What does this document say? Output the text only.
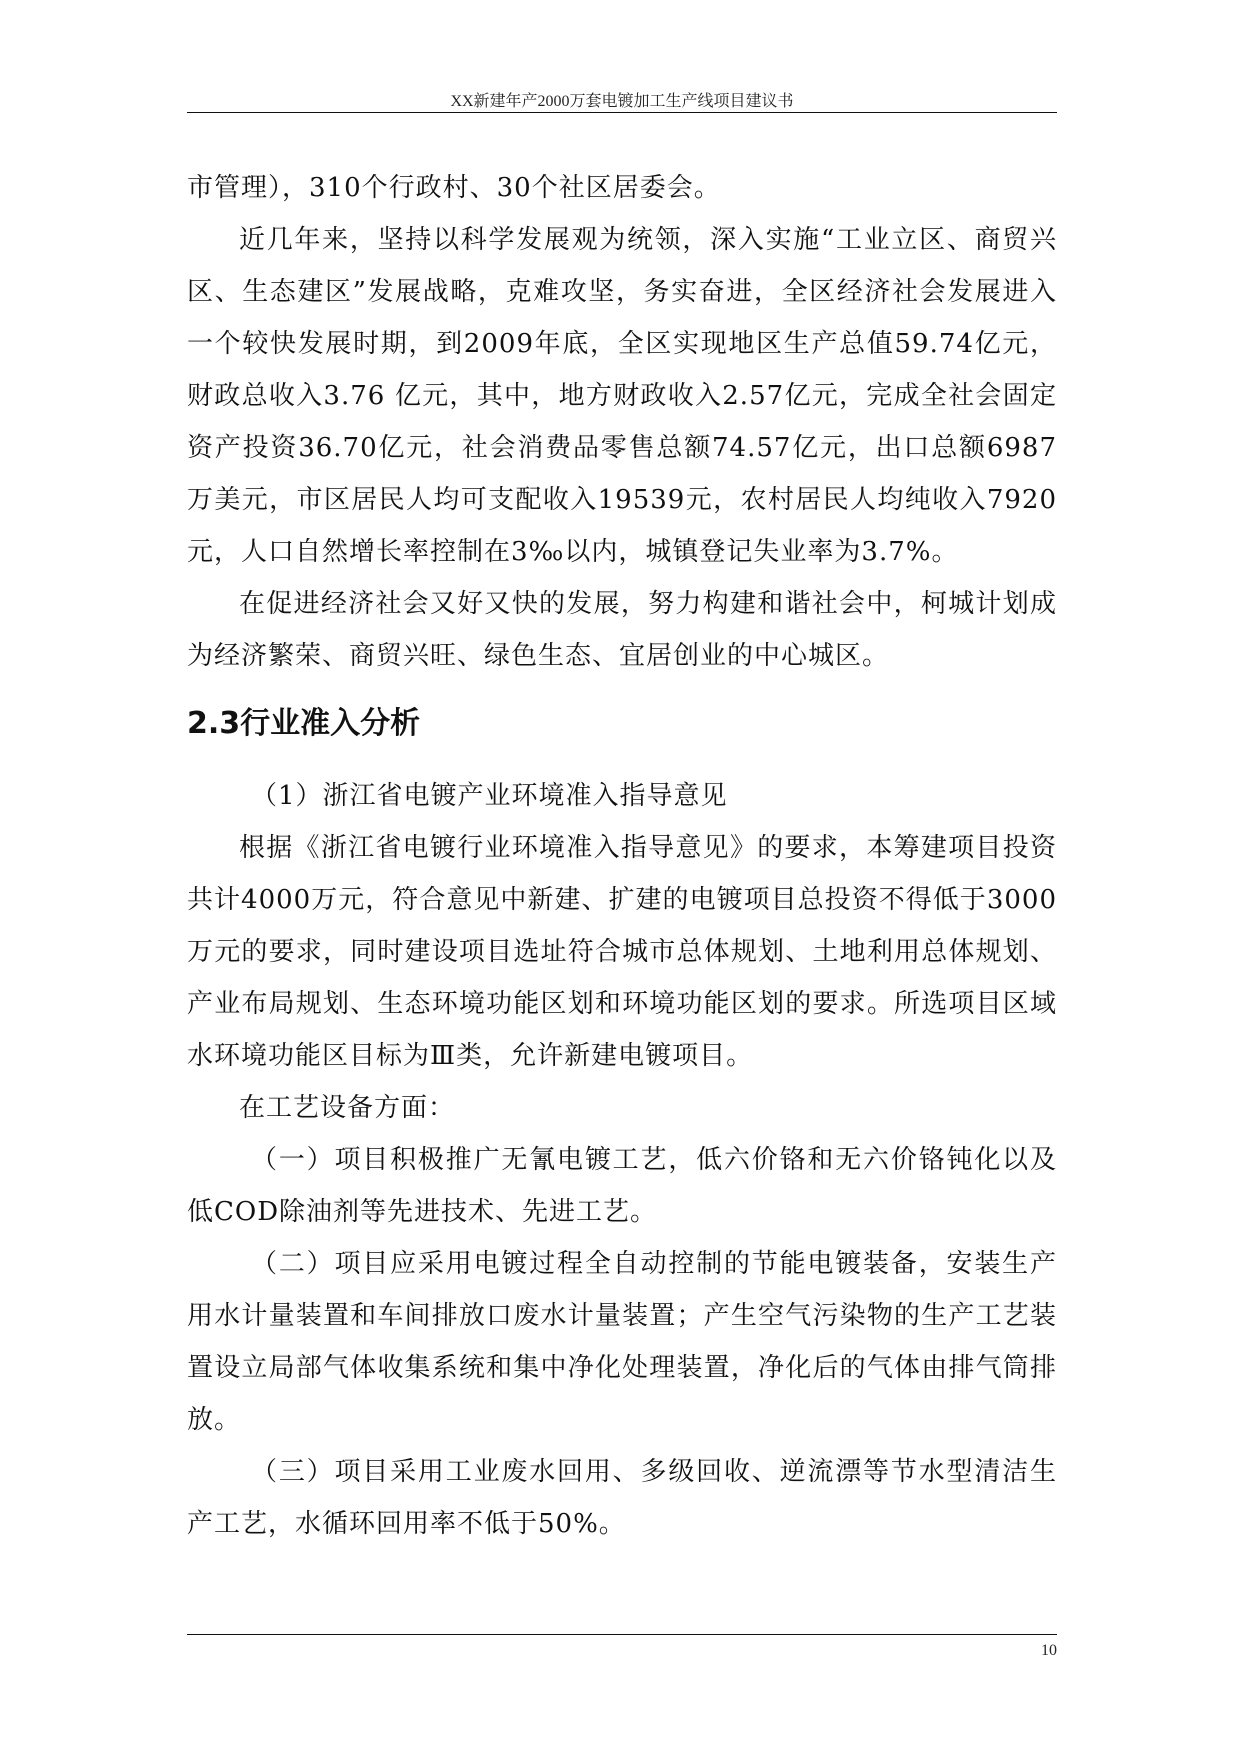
XX新建年产2000万套电镀加工生产线项目建议书

市管理），310个行政村、30个社区居委会。

近几年来，坚持以科学发展观为统领，深入实施“工业立区、商贸兴区、生态建区”发展战略，克难攻坚，务实奋进，全区经济社会发展进入一个较快发展时期，到2009年底，全区实现地区生产总值59.74亿元，财政总收入3.76 亿元，其中，地方财政收入2.57亿元，完成全社会固定资产投资36.70亿元，社会消费品零售总额74.57亿元，出口总额6987万美元，市区居民人均可支配收入19539元，农村居民人均纯收入7920元，人口自然增长率控制在3‰以内，城镇登记失业率为3.7%。

在促进经济社会又好又快的发展，努力构建和谐社会中，柯城计划成为经济繁荣、商贸兴旺、绿色生态、宜居创业的中心城区。

2.3行业准入分析

（1）浙江省电镀产业环境准入指导意见

根据《浙江省电镀行业环境准入指导意见》的要求，本筹建项目投资共计4000万元，符合意见中新建、扩建的电镀项目总投资不得低于3000万元的要求，同时建设项目选址符合城市总体规划、土地利用总体规划、产业布局规划、生态环境功能区划和环境功能区划的要求。所选项目区域水环境功能区目标为Ⅲ类，允许新建电镀项目。

在工艺设备方面：

（一）项目积极推广无氰电镀工艺，低六价铬和无六价铬钝化以及低COD除油剂等先进技术、先进工艺。

（二）项目应采用电镀过程全自动控制的节能电镀装备，安装生产用水计量装置和车间排放口废水计量装置；产生空气污染物的生产工艺装置设立局部气体收集系统和集中净化处理装置，净化后的气体由排气筒排放。

（三）项目采用工业废水回用、多级回收、逆流漂等节水型清洁生产工艺，水循环回用率不低于50%。

10
